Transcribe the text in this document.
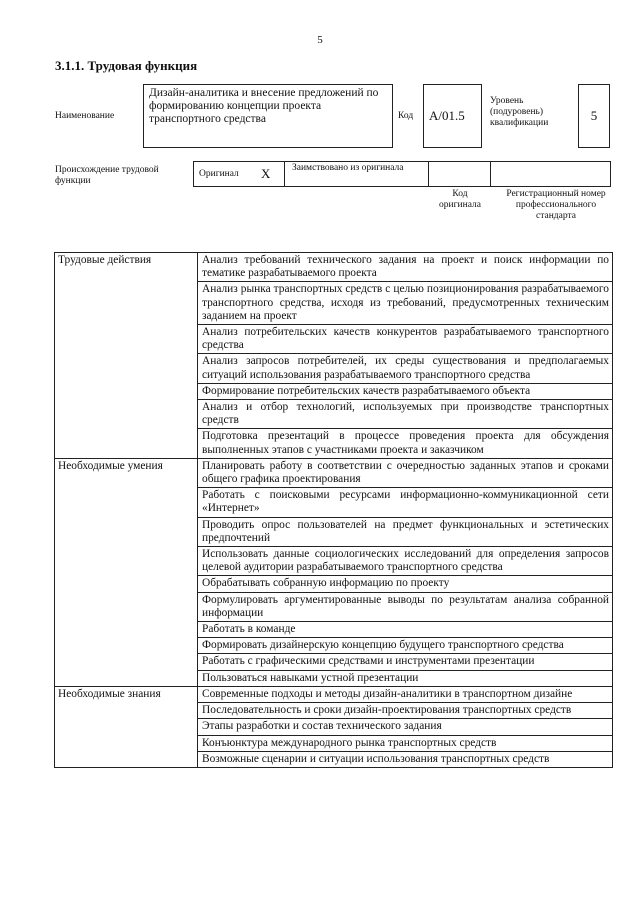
5
3.1.1. Трудовая функция
Наименование
Дизайн-аналитика и внесение предложений по формированию концепции проекта транспортного средства	Код A/01.5
Уровень (подуровень) квалификации	5
Происхождение трудовой функции
Оригинал X Заимствовано из оригинала
Код оригинала
Регистрационный номер профессионального стандарта
Трудовые действия	Анализ требований технического задания на проект и поиск информации по тематике разрабатываемого проекта
	Анализ рынка транспортных средств с целью позиционирования разрабатываемого транспортного средства, исходя из требований, предусмотренных техническим заданием на проект
	Анализ потребительских качеств конкурентов разрабатываемого транспортного средства
	Анализ запросов потребителей, их среды существования и предполагаемых ситуаций использования разрабатываемого транспортного средства
	Формирование потребительских качеств разрабатываемого объекта
	Анализ и отбор технологий, используемых при производстве транспортных средств
	Подготовка презентаций в процессе проведения проекта для обсуждения выполненных этапов с участниками проекта и заказчиком
Необходимые умения	Планировать работу в соответствии с очередностью заданных этапов и сроками общего графика проектирования
	Работать с поисковыми ресурсами информационно-коммуникационной сети «Интернет»
	Проводить опрос пользователей на предмет функциональных и эстетических предпочтений
	Использовать данные социологических исследований для определения запросов целевой аудитории разрабатываемого транспортного средства
	Обрабатывать собранную информацию по проекту
	Формулировать аргументированные выводы по результатам анализа собранной информации
	Работать в команде
	Формировать дизайнерскую концепцию будущего транспортного средства
	Работать с графическими средствами и инструментами презентации
	Пользоваться навыками устной презентации
Необходимые знания	Современные подходы и методы дизайн-аналитики в транспортном дизайне
	Последовательность и сроки дизайн-проектирования транспортных средств
	Этапы разработки и состав технического задания
	Конъюнктура международного рынка транспортных средств
	Возможные сценарии и ситуации использования транспортных средств
